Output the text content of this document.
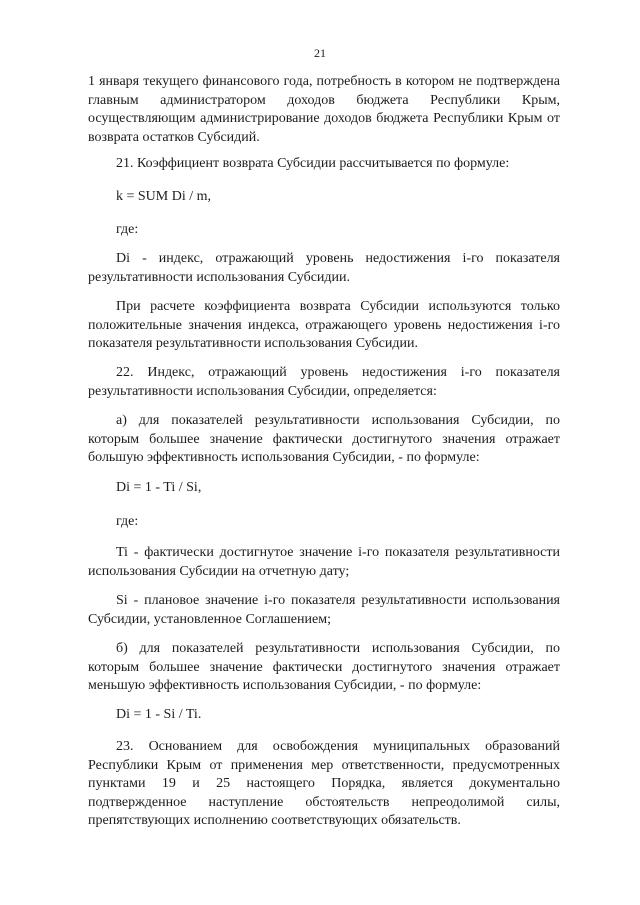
21

1 января текущего финансового года, потребность в котором не подтверждена главным администратором доходов бюджета Республики Крым, осуществляющим администрирование доходов бюджета Республики Крым от возврата остатков Субсидий.

21. Коэффициент возврата Субсидии рассчитывается по формуле:

k = SUM Di / m,

где:

Di - индекс, отражающий уровень недостижения i-го показателя результативности использования Субсидии.

При расчете коэффициента возврата Субсидии используются только положительные значения индекса, отражающего уровень недостижения i-го показателя результативности использования Субсидии.

22. Индекс, отражающий уровень недостижения i-го показателя результативности использования Субсидии, определяется:

а) для показателей результативности использования Субсидии, по которым большее значение фактически достигнутого значения отражает большую эффективность использования Субсидии, - по формуле:

Di = 1 - Ti / Si,

где:

Ti - фактически достигнутое значение i-го показателя результативности использования Субсидии на отчетную дату;

Si - плановое значение i-го показателя результативности использования Субсидии, установленное Соглашением;

б) для показателей результативности использования Субсидии, по которым большее значение фактически достигнутого значения отражает меньшую эффективность использования Субсидии, - по формуле:

Di = 1 - Si / Ti.

23. Основанием для освобождения муниципальных образований Республики Крым от применения мер ответственности, предусмотренных пунктами 19 и 25 настоящего Порядка, является документально подтвержденное наступление обстоятельств непреодолимой силы, препятствующих исполнению соответствующих обязательств.
